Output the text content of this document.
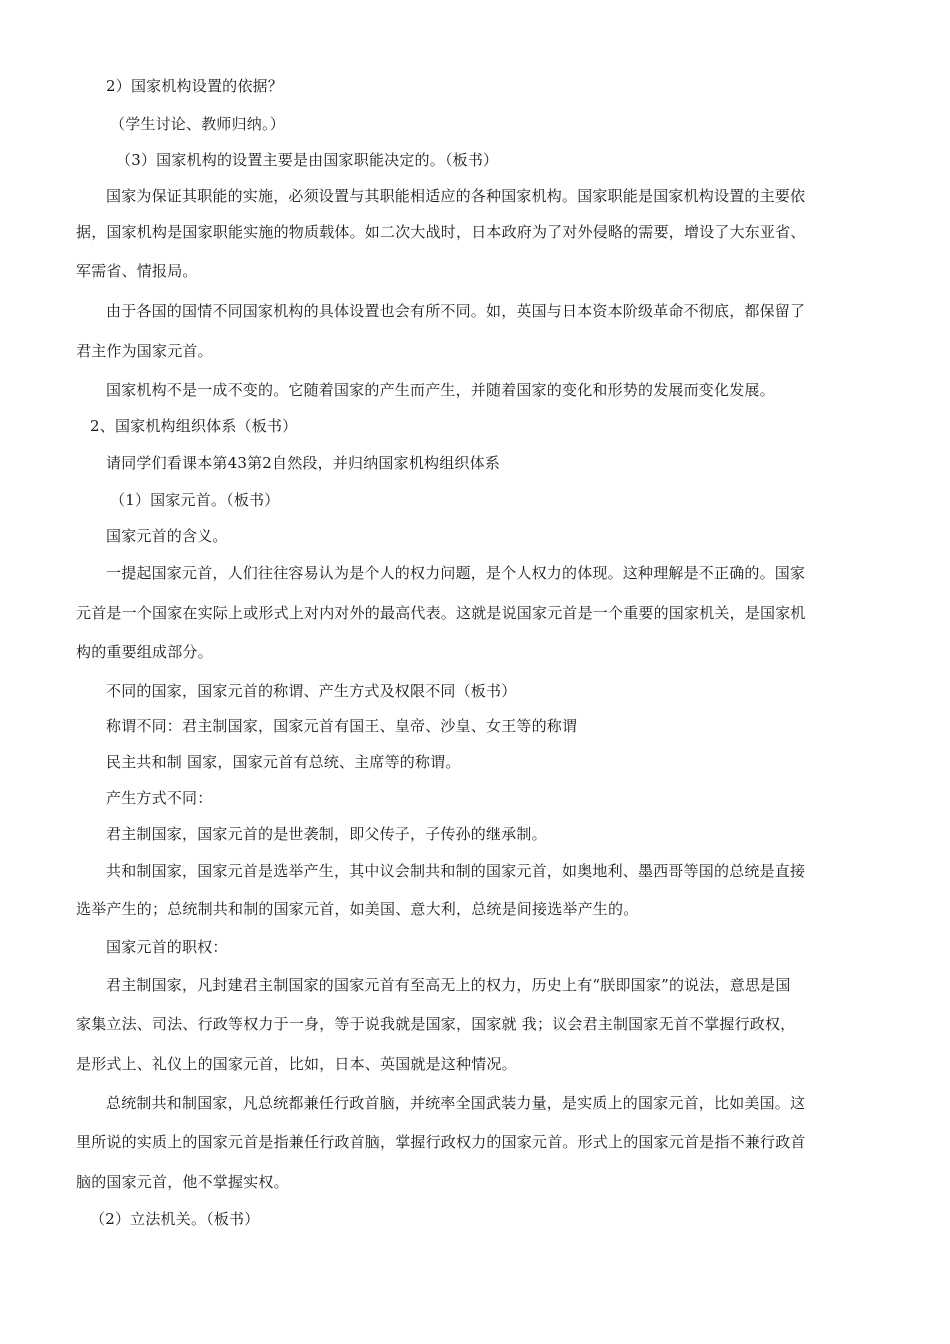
2）国家机构设置的依据？
（学生讨论、教师归纳。）
（3）国家机构的设置主要是由国家职能决定的。（板书）
国家为保证其职能的实施，必须设置与其职能相适应的各种国家机构。国家职能是国家机构设置的主要依
据，国家机构是国家职能实施的物质载体。如二次大战时，日本政府为了对外侵略的需要，增设了大东亚省、
军需省、情报局。
由于各国的国情不同国家机构的具体设置也会有所不同。如，英国与日本资本阶级革命不彻底，都保留了
君主作为国家元首。
国家机构不是一成不变的。它随着国家的产生而产生，并随着国家的变化和形势的发展而变化发展。
2、国家机构组织体系（板书）
请同学们看课本第43第2自然段，并归纳国家机构组织体系
（1）国家元首。（板书）
国家元首的含义。
一提起国家元首，人们往往容易认为是个人的权力问题，是个人权力的体现。这种理解是不正确的。国家
元首是一个国家在实际上或形式上对内对外的最高代表。这就是说国家元首是一个重要的国家机关，是国家机
构的重要组成部分。
不同的国家，国家元首的称谓、产生方式及权限不同（板书）
称谓不同：君主制国家，国家元首有国王、皇帝、沙皇、女王等的称谓
民主共和制 国家，国家元首有总统、主席等的称谓。
产生方式不同：
君主制国家，国家元首的是世袭制，即父传子，子传孙的继承制。
共和制国家，国家元首是选举产生，其中议会制共和制的国家元首，如奥地利、墨西哥等国的总统是直接
选举产生的；总统制共和制的国家元首，如美国、意大利，总统是间接选举产生的。
国家元首的职权：
君主制国家，凡封建君主制国家的国家元首有至高无上的权力，历史上有“朕即国家”的说法，意思是国
家集立法、司法、行政等权力于一身，等于说我就是国家，国家就 我；议会君主制国家无首不掌握行政权，
是形式上、礼仪上的国家元首，比如，日本、英国就是这种情况。
总统制共和制国家，凡总统都兼任行政首脑，并统率全国武装力量，是实质上的国家元首，比如美国。这
里所说的实质上的国家元首是指兼任行政首脑，掌握行政权力的国家元首。形式上的国家元首是指不兼行政首
脑的国家元首，他不掌握实权。
（2）立法机关。（板书）
